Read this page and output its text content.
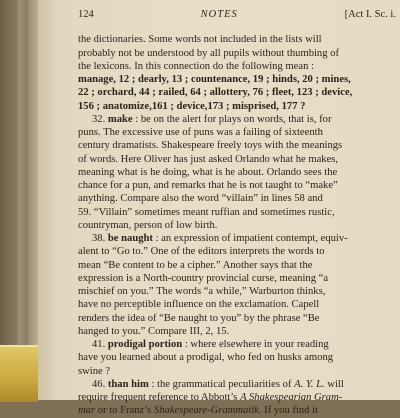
124	NOTES	[Act I. Sc. i.
the dictionaries. Some words not included in the lists will
probably not be understood by all pupils without thumbing of
the lexicons. In this connection do the following mean :
manage, 12 ; dearly, 13 ; countenance, 19 ; hinds, 20 ; mines,
22 ; orchard, 44 ; railed, 64 ; allottery, 76 ; fleet, 123 ; device,
156 ; anatomize,161 ; device,173 ; misprised, 177 ?
32. make : be on the alert for plays on words, that is, for
puns. The excessive use of puns was a failing of sixteenth
century dramatists. Shakespeare freely toys with the meanings
of words. Here Oliver has just asked Orlando what he makes,
meaning what is he doing, what is he about. Orlando sees the
chance for a pun, and remarks that he is not taught to “make”
anything. Compare also the word “villain” in lines 58 and
59. “Villain” sometimes meant ruffian and sometimes rustic,
countryman, person of low birth.
38. be naught : an expression of impatient contempt, equiv-
alent to “Go to.” One of the editors interprets the words to
mean “Be content to be a cipher.” Another says that the
expression is a North-country provincial curse, meaning “a
mischief on you.” The words “a while,” Warburton thinks,
have no perceptible influence on the exclamation. Capell
renders the idea of “Be naught to you” by the phrase “Be
hanged to you.” Compare III, 2, 15.
41. prodigal portion : where elsewhere in your reading
have you learned about a prodigal, who fed on husks among
swine ?
46. than him : the grammatical peculiarities of A. Y. L. will
require frequent reference to Abbott’s A Shakespearian Gram-
mar or to Franz’s Shakespeare-Grammatik. If you find it
